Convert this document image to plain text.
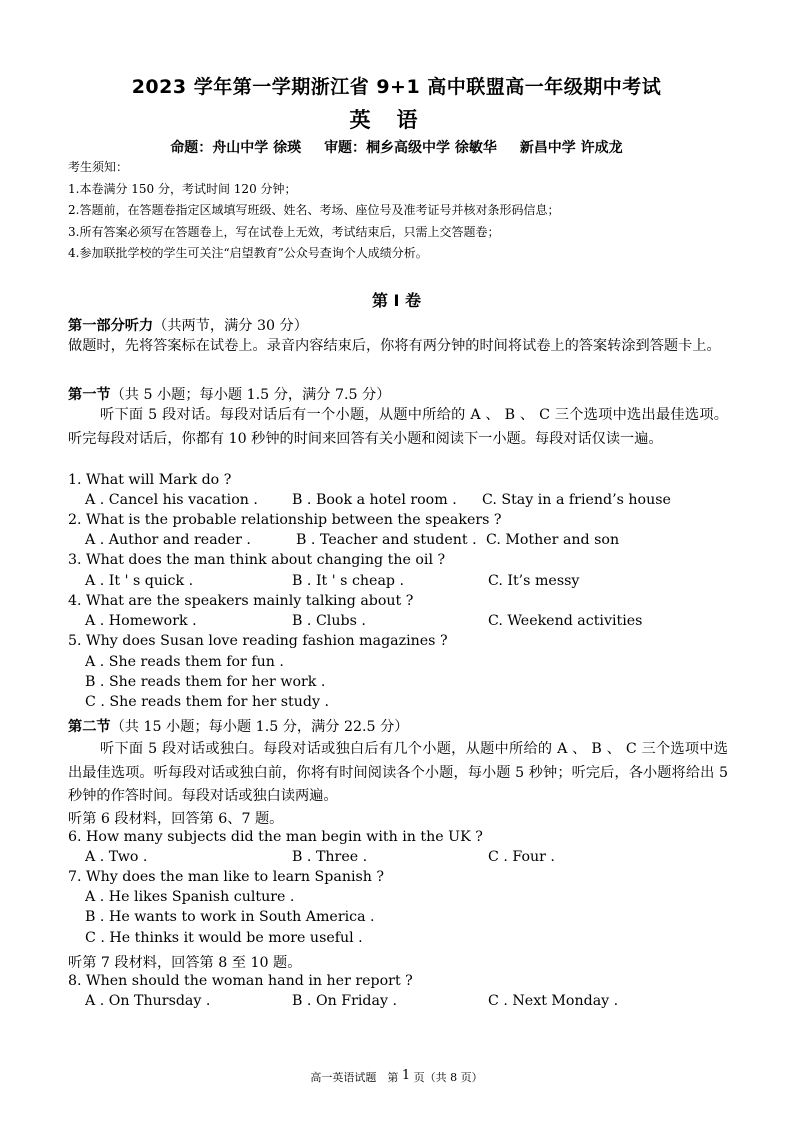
2023 学年第一学期浙江省 9+1 高中联盟高一年级期中考试
英语
命题：舟山中学 徐瑛 审题：桐乡高级中学 徐敏华 新昌中学 许成龙
考生须知：
1.本卷满分 150 分，考试时间 120 分钟；
2.答题前，在答题卷指定区域填写班级、姓名、考场、座位号及准考证号并核对条形码信息；
3.所有答案必须写在答题卷上，写在试卷上无效，考试结束后，只需上交答题卷；
4.参加联批学校的学生可关注“启望教育”公众号查询个人成绩分析。
第 I 卷
第一部分听力（共两节，满分 30 分）
做题时，先将答案标在试卷上。录音内容结束后，你将有两分钟的时间将试卷上的答案转涂到答题卡上。
第一节（共 5 小题；每小题 1.5 分，满分 7.5 分）
听下面 5 段对话。每段对话后有一个小题，从题中所给的 A 、 B 、 C 三个选项中选出最佳选项。听完每段对话后，你都有 10 秒钟的时间来回答有关小题和阅读下一小题。每段对话仅读一遍。
1. What will Mark do ?
A . Cancel his vacation . B . Book a hotel room . C. Stay in a friend’s house
2. What is the probable relationship between the speakers ?
A . Author and reader .	B . Teacher and student . C. Mother and son
3. What does the man think about changing the oil ?
A . It ' s quick .	B . It ' s cheap .	C. It’s messy
4. What are the speakers mainly talking about ?
A . Homework .	B . Clubs .	C. Weekend activities
5. Why does Susan love reading fashion magazines ?
A . She reads them for fun .
B . She reads them for her work .
C . She reads them for her study .
第二节（共 15 小题；每小题 1.5 分，满分 22.5 分）
听下面 5 段对话或独白。每段对话或独白后有几个小题，从题中所给的 A 、 B 、 C 三个选项中选出最佳选项。听每段对话或独白前，你将有时间阅读各个小题，每小题 5 秒钟；听完后，各小题将给出 5 秒钟的作答时间。每段对话或独白读两遍。
听第 6 段材料，回答第 6、7 题。
6. How many subjects did the man begin with in the UK ?
A . Two .	B . Three .	C . Four .
7. Why does the man like to learn Spanish ?
A . He likes Spanish culture .
B . He wants to work in South America .
C . He thinks it would be more useful .
听第 7 段材料，回答第 8 至 10 题。
8. When should the woman hand in her report ?
A . On Thursday .	B . On Friday .	C . Next Monday .
高一英语试题　第 1 页（共 8 页）
